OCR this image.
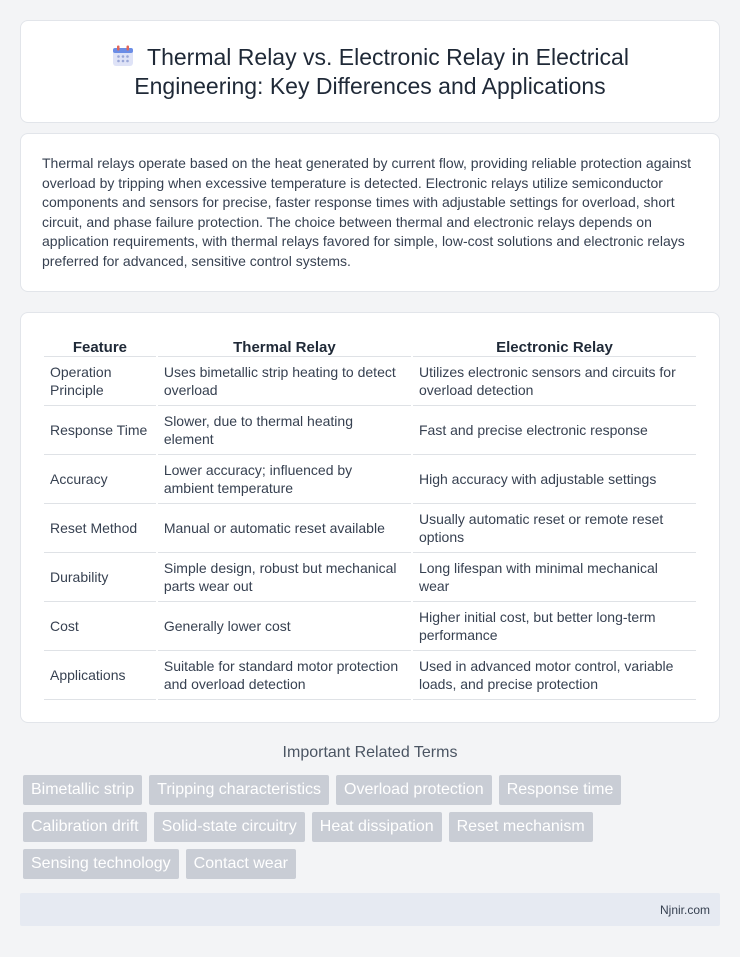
Thermal Relay vs. Electronic Relay in Electrical Engineering: Key Differences and Applications

Thermal relays operate based on the heat generated by current flow, providing reliable protection against overload by tripping when excessive temperature is detected. Electronic relays utilize semiconductor components and sensors for precise, faster response times with adjustable settings for overload, short circuit, and phase failure protection. The choice between thermal and electronic relays depends on application requirements, with thermal relays favored for simple, low-cost solutions and electronic relays preferred for advanced, sensitive control systems.

Feature	Thermal Relay	Electronic Relay
Operation Principle	Uses bimetallic strip heating to detect overload	Utilizes electronic sensors and circuits for overload detection
Response Time	Slower, due to thermal heating element	Fast and precise electronic response
Accuracy	Lower accuracy; influenced by ambient temperature	High accuracy with adjustable settings
Reset Method	Manual or automatic reset available	Usually automatic reset or remote reset options
Durability	Simple design, robust but mechanical parts wear out	Long lifespan with minimal mechanical wear
Cost	Generally lower cost	Higher initial cost, but better long-term performance
Applications	Suitable for standard motor protection and overload detection	Used in advanced motor control, variable loads, and precise protection
Important Related Terms
Bimetallic strip	Tripping characteristics	Overload protection	Response time
Calibration drift	Solid-state circuitry	Heat dissipation	Reset mechanism
Sensing technology	Contact wear
Njnir.com
